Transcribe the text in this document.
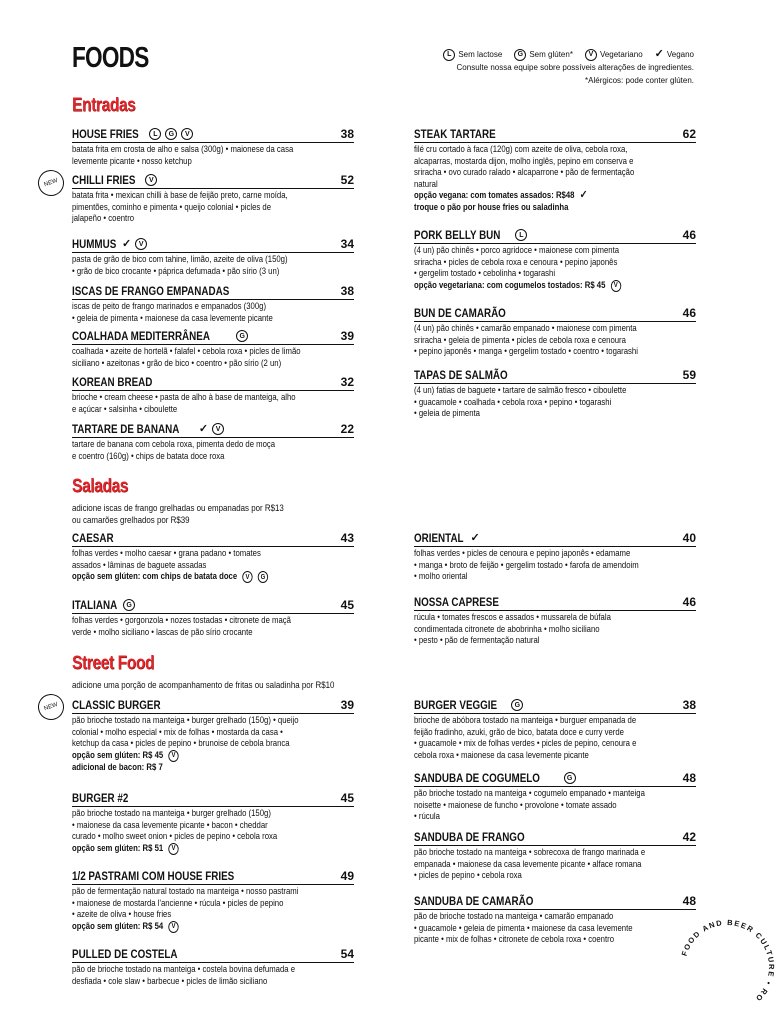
FOODS	L Sem lactose	G Sem glúten*	V Vegetariano ✓ Vegano
Consulte nossa equipe sobre possíveis alterações de ingredientes.
*Alérgicos: pode conter glúten.
Entradas
Saladas
adicione iscas de frango grelhadas ou empanadas por R$13
ou camarões grelhados por R$39
Street Food
adicione uma porção de acompanhamento de fritas ou saladinha por R$10
NEW
NEW
HOUSE FRIES	L	G	V	38
batata frita em crosta de alho e salsa (300g) • maionese da casa
levemente picante • nosso ketchup
CHILLI FRIES	V	52
batata frita • mexican chilli à base de feijão preto, carne moída,
pimentões, cominho e pimenta • queijo colonial • picles de
jalapeño • coentro
HUMMUS ✓	V	34
pasta de grão de bico com tahine, limão, azeite de oliva (150g)
• grão de bico crocante • páprica defumada • pão sírio (3 un)
ISCAS DE FRANGO EMPANADAS	38
iscas de peito de frango marinados e empanados (300g)
• geleia de pimenta • maionese da casa levemente picante
COALHADA MEDITERRÂNEA	G	39
coalhada • azeite de hortelã • falafel • cebola roxa • picles de limão
siciliano • azeitonas • grão de bico • coentro • pão sírio (2 un)
KOREAN BREAD	32
brioche • cream cheese • pasta de alho à base de manteiga, alho
e açúcar • salsinha • ciboulette
TARTARE DE BANANA ✓	V	22
tartare de banana com cebola roxa, pimenta dedo de moça
e coentro (160g) • chips de batata doce roxa
STEAK TARTARE	62
filé cru cortado à faca (120g) com azeite de oliva, cebola roxa,
alcaparras, mostarda dijon, molho inglês, pepino em conserva e
sriracha • ovo curado ralado • alcaparrone • pão de fermentação
natural
opção vegana: com tomates assados: R$48 ✓
troque o pão por house fries ou saladinha
PORK BELLY BUN	L	46
(4 un) pão chinês • porco agridoce • maionese com pimenta
sriracha • picles de cebola roxa e cenoura • pepino japonês
• gergelim tostado • cebolinha • togarashi
opção vegetariana: com cogumelos tostados: R$ 45	V
BUN DE CAMARÃO	46
(4 un) pão chinês • camarão empanado • maionese com pimenta
sriracha • geleia de pimenta • picles de cebola roxa e cenoura
• pepino japonês • manga • gergelim tostado • coentro • togarashi
TAPAS DE SALMÃO	59
(4 un) fatias de baguete • tartare de salmão fresco • ciboulette
• guacamole • coalhada • cebola roxa • pepino • togarashi
• geleia de pimenta
CAESAR	43
folhas verdes • molho caesar • grana padano • tomates
assados • lâminas de baguete assadas
opção sem glúten: com chips de batata doce	V	G
ITALIANA	G	45
folhas verdes • gorgonzola • nozes tostadas • citronete de maçã
verde • molho siciliano • lascas de pão sírio crocante
ORIENTAL ✓	40
folhas verdes • picles de cenoura e pepino japonês • edamame
• manga • broto de feijão • gergelim tostado • farofa de amendoim
• molho oriental
NOSSA CAPRESE	46
rúcula • tomates frescos e assados • mussarela de búfala
condimentada citronete de abobrinha • molho siciliano
• pesto • pão de fermentação natural
CLASSIC BURGER	39
pão brioche tostado na manteiga • burger grelhado (150g) • queijo
colonial • molho especial • mix de folhas • mostarda da casa •
ketchup da casa • picles de pepino • brunoise de cebola branca
opção sem glúten: R$ 45	V
adicional de bacon: R$ 7
BURGER #2	45
pão brioche tostado na manteiga • burger grelhado (150g)
• maionese da casa levemente picante • bacon • cheddar
curado • molho sweet onion • picles de pepino • cebola roxa
opção sem glúten: R$ 51	V
1/2 PASTRAMI COM HOUSE FRIES	49
pão de fermentação natural tostado na manteiga • nosso pastrami
• maionese de mostarda l'ancienne • rúcula • picles de pepino
• azeite de oliva • house fries
opção sem glúten: R$ 54	V
PULLED DE COSTELA	54
pão de brioche tostado na manteiga • costela bovina defumada e
desfiada • cole slaw • barbecue • picles de limão siciliano
BURGER VEGGIE	G	38
brioche de abóbora tostado na manteiga • burguer empanada de
feijão fradinho, azuki, grão de bico, batata doce e curry verde
• guacamole • mix de folhas verdes • picles de pepino, cenoura e
cebola roxa • maionese da casa levemente picante
SANDUBA DE COGUMELO	G	48
pão brioche tostado na manteiga • cogumelo empanado • manteiga
noisette • maionese de funcho • provolone • tomate assado
• rúcula
SANDUBA DE FRANGO	42
pão brioche tostado na manteiga • sobrecoxa de frango marinada e
empanada • maionese da casa levemente picante • alface romana
• picles de pepino • cebola roxa
SANDUBA DE CAMARÃO	48
pão de brioche tostado na manteiga • camarão empanado
• guacamole • geleia de pimenta • maionese da casa levemente
picante • mix de folhas • citronete de cebola roxa • coentro
FOOD AND BEER CULTURE • RO
